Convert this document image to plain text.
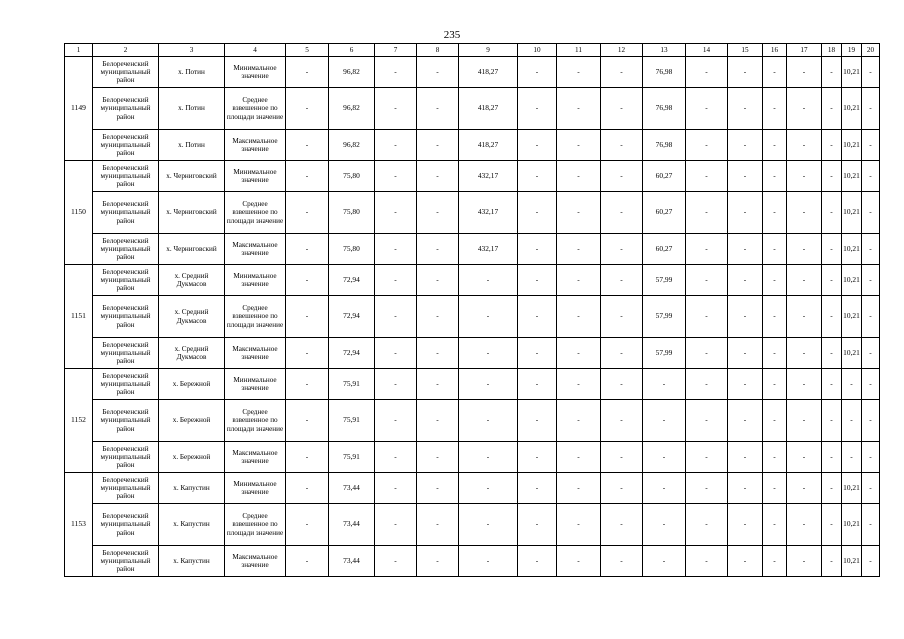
235
1	2	3	4	5	6	7	8	9	10	11	12	13	14	15	16	17	18	19	20
1149	Белореченский муниципальный район	х. Потин	Минимальное значение	-	96,82	-	-	418,27	-	-	-	76,98	-	-	-	-	-	10,21	-
	Белореченский муниципальный район	х. Потин	Среднее взвешенное по площади значение	-	96,82	-	-	418,27	-	-	-	76,98	-	-	-	-	-	10,21	-
	Белореченский муниципальный район	х. Потин	Максимальное значение	-	96,82	-	-	418,27	-	-	-	76,98	-	-	-	-	-	10,21	-
1150	Белореченский муниципальный район	х. Черниговский	Минимальное значение	-	75,80	-	-	432,17	-	-	-	60,27	-	-	-	-	-	10,21	-
	Белореченский муниципальный район	х. Черниговский	Среднее взвешенное по площади значение	-	75,80	-	-	432,17	-	-	-	60,27	-	-	-	-	-	10,21	-
	Белореченский муниципальный район	х. Черниговский	Максимальное значение	-	75,80	-	-	432,17	-	-	-	60,27	-	-	-	-	-	10,21	-
1151	Белореченский муниципальный район	х. Средний Дукмасов	Минимальное значение	-	72,94	-	-	-	-	-	-	57,99	-	-	-	-	-	10,21	-
	Белореченский муниципальный район	х. Средний Дукмасов	Среднее взвешенное по площади значение	-	72,94	-	-	-	-	-	-	57,99	-	-	-	-	-	10,21	-
	Белореченский муниципальный район	х. Средний Дукмасов	Максимальное значение	-	72,94	-	-	-	-	-	-	57,99	-	-	-	-	-	10,21	-
1152	Белореченский муниципальный район	х. Бережной	Минимальное значение	-	75,91	-	-	-	-	-	-	-	-	-	-	-	-	-	-
	Белореченский муниципальный район	х. Бережной	Среднее взвешенное по площади значение	-	75,91	-	-	-	-	-	-	-	-	-	-	-	-	-	-
	Белореченский муниципальный район	х. Бережной	Максимальное значение	-	75,91	-	-	-	-	-	-	-	-	-	-	-	-	-	-
1153	Белореченский муниципальный район	х. Капустин	Минимальное значение	-	73,44	-	-	-	-	-	-	-	-	-	-	-	-	10,21	-
	Белореченский муниципальный район	х. Капустин	Среднее взвешенное по площади значение	-	73,44	-	-	-	-	-	-	-	-	-	-	-	-	10,21	-
	Белореченский муниципальный район	х. Капустин	Максимальное значение	-	73,44	-	-	-	-	-	-	-	-	-	-	-	-	10,21	-
